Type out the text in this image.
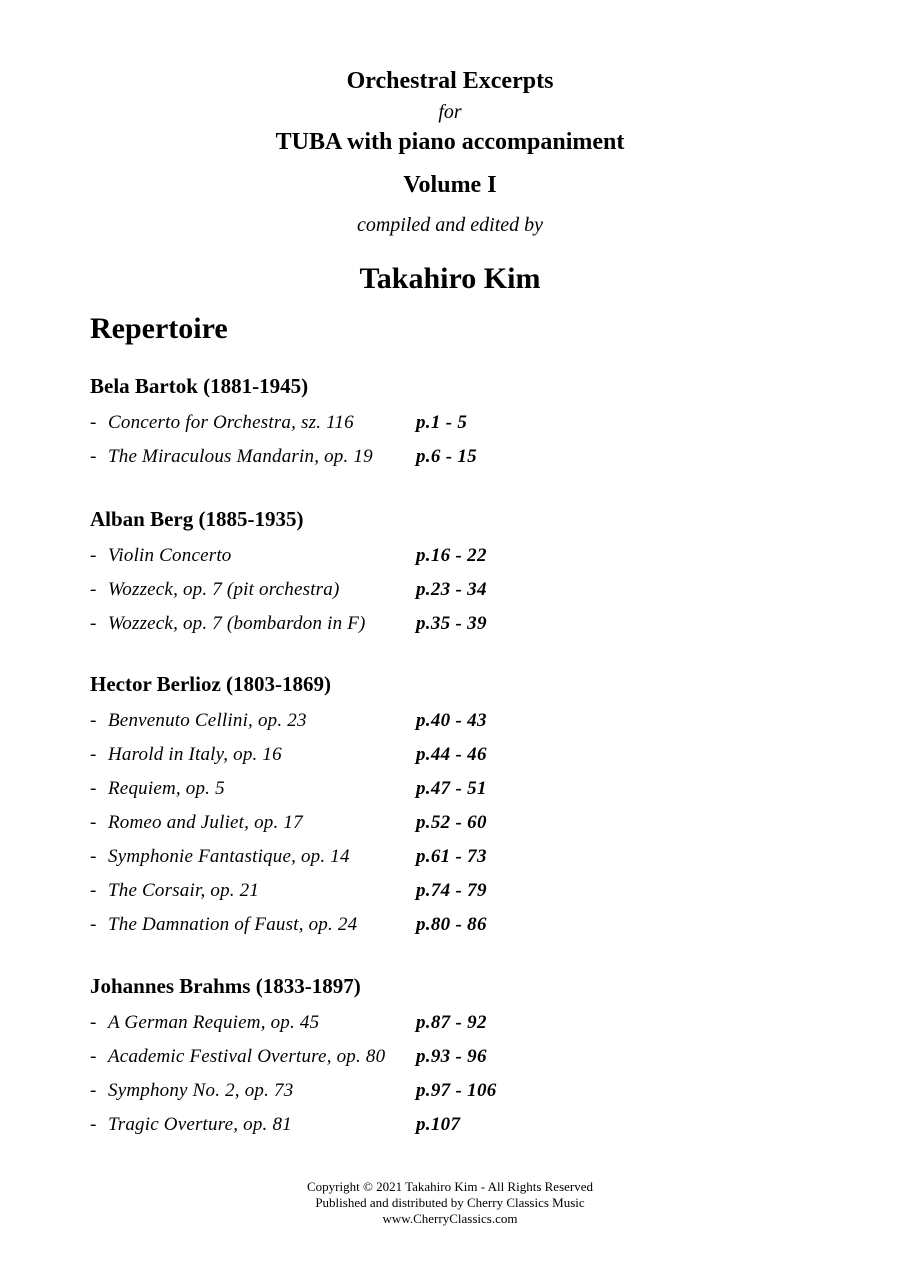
Orchestral Excerpts
for
TUBA with piano accompaniment
Volume I
compiled and edited by
Takahiro Kim
Repertoire
Bela Bartok (1881-1945)
- Concerto for Orchestra, sz. 116	p.1 - 5
- The Miraculous Mandarin, op. 19 p.6 - 15
Alban Berg (1885-1935)
- Violin Concerto	p.16 - 22
- Wozzeck, op. 7 (pit orchestra)	p.23 - 34
- Wozzeck, op. 7 (bombardon in F)	p.35 - 39
Hector Berlioz (1803-1869)
- Benvenuto Cellini, op. 23	p.40 - 43
- Harold in Italy, op. 16	p.44 - 46
- Requiem, op. 5	p.47 - 51
- Romeo and Juliet, op. 17	p.52 - 60
- Symphonie Fantastique, op. 14	p.61 - 73
- The Corsair, op. 21	p.74 - 79
- The Damnation of Faust, op. 24	p.80 - 86
Johannes Brahms (1833-1897)
- A German Requiem, op. 45	p.87 - 92
- Academic Festival Overture, op. 80 p.93 - 96
- Symphony No. 2, op. 73	p.97 - 106
- Tragic Overture, op. 81	p.107
Copyright © 2021 Takahiro Kim - All Rights Reserved
Published and distributed by Cherry Classics Music
www.CherryClassics.com
